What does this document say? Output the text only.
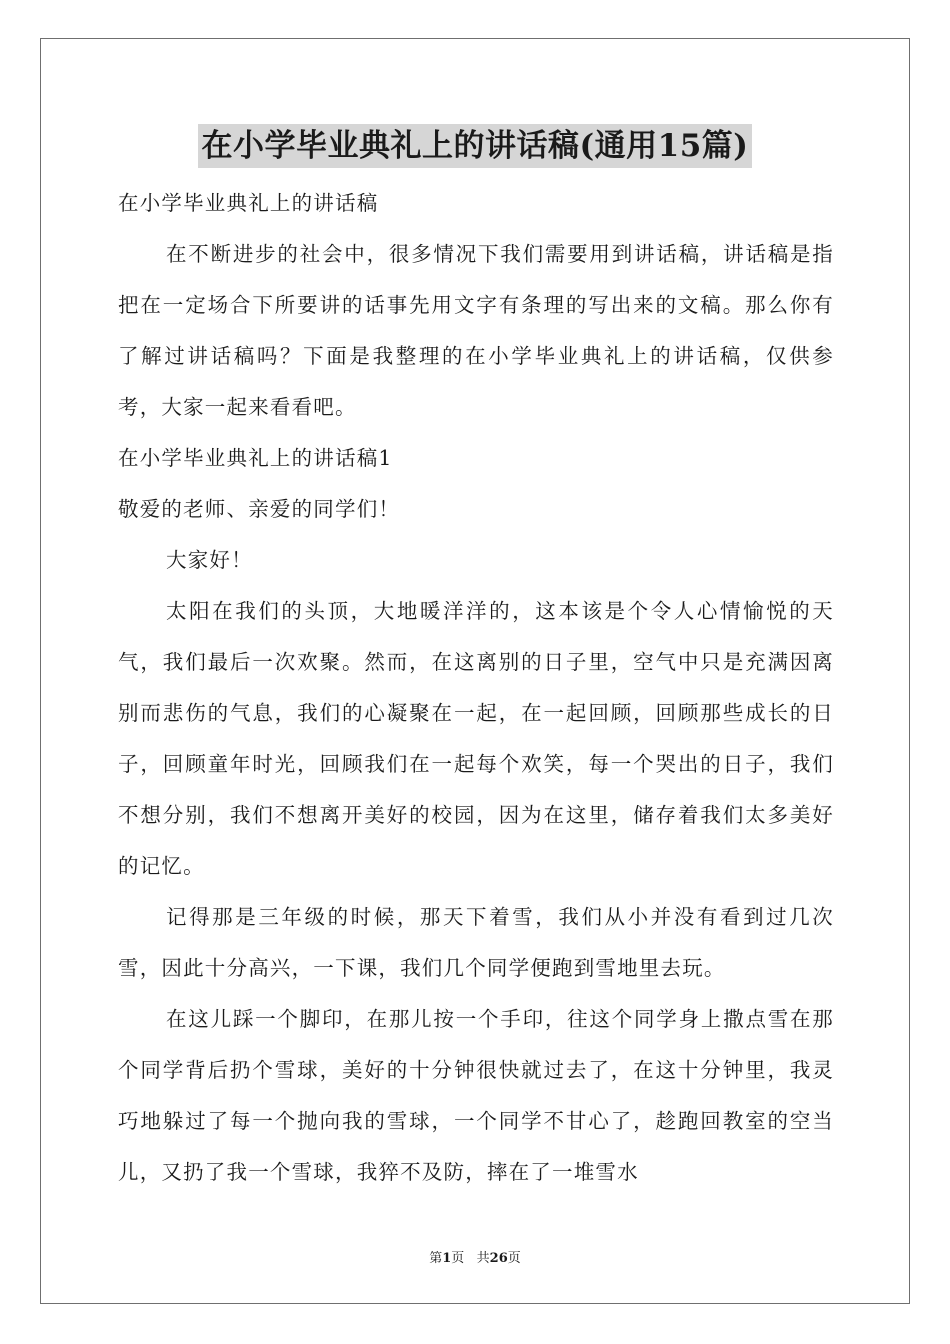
在小学毕业典礼上的讲话稿(通用15篇)

在小学毕业典礼上的讲话稿

在不断进步的社会中，很多情况下我们需要用到讲话稿，讲话稿是指把在一定场合下所要讲的话事先用文字有条理的写出来的文稿。那么你有了解过讲话稿吗？下面是我整理的在小学毕业典礼上的讲话稿，仅供参考，大家一起来看看吧。

在小学毕业典礼上的讲话稿1

敬爱的老师、亲爱的同学们！

大家好！

太阳在我们的头顶，大地暖洋洋的，这本该是个令人心情愉悦的天气，我们最后一次欢聚。然而，在这离别的日子里，空气中只是充满因离别而悲伤的气息，我们的心凝聚在一起，在一起回顾，回顾那些成长的日子，回顾童年时光，回顾我们在一起每个欢笑，每一个哭出的日子，我们不想分别，我们不想离开美好的校园，因为在这里，储存着我们太多美好的记忆。

记得那是三年级的时候，那天下着雪，我们从小并没有看到过几次雪，因此十分高兴，一下课，我们几个同学便跑到雪地里去玩。

在这儿踩一个脚印，在那儿按一个手印，往这个同学身上撒点雪在那个同学背后扔个雪球，美好的十分钟很快就过去了，在这十分钟里，我灵巧地躲过了每一个抛向我的雪球，一个同学不甘心了，趁跑回教室的空当儿，又扔了我一个雪球，我猝不及防，摔在了一堆雪水

第1页   共26页
